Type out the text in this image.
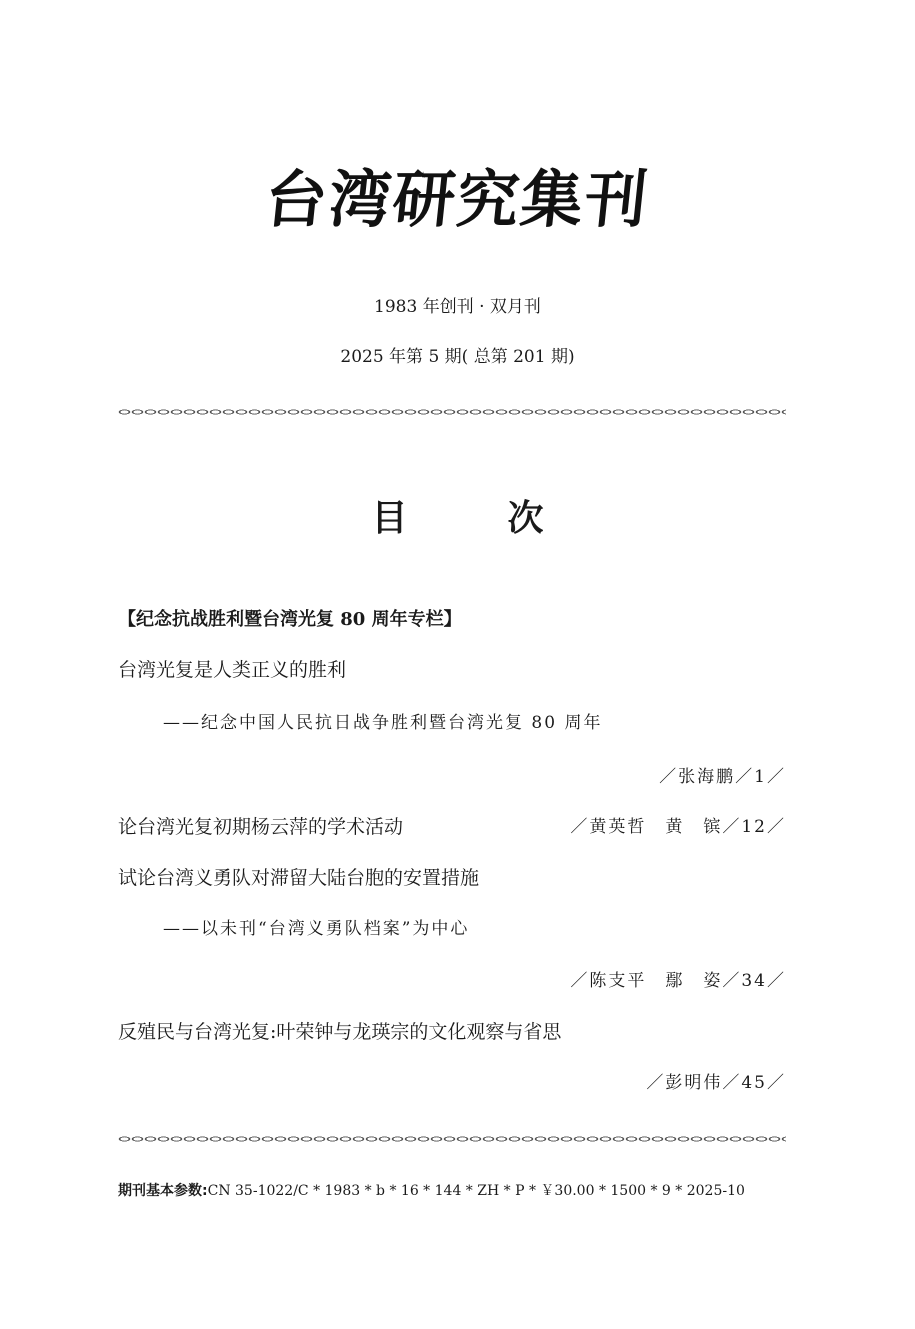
台湾研究集刊
1983 年创刊 · 双月刊
2025 年第 5 期( 总第 201 期)
目	次
【纪念抗战胜利暨台湾光复 80 周年专栏】
台湾光复是人类正义的胜利
——纪念中国人民抗日战争胜利暨台湾光复 80 周年
／张海鹏／1／
论台湾光复初期杨云萍的学术活动	／黄英哲　黄　镔／12／
试论台湾义勇队对滞留大陆台胞的安置措施
——以未刊“台湾义勇队档案”为中心
／陈支平　鄢　姿／34／
反殖民与台湾光复:叶荣钟与龙瑛宗的文化观察与省思
／彭明伟／45／
期刊基本参数:CN 35-1022/C * 1983 * b * 16 * 144 * ZH * P * ￥30.00 * 1500 * 9 * 2025-10
